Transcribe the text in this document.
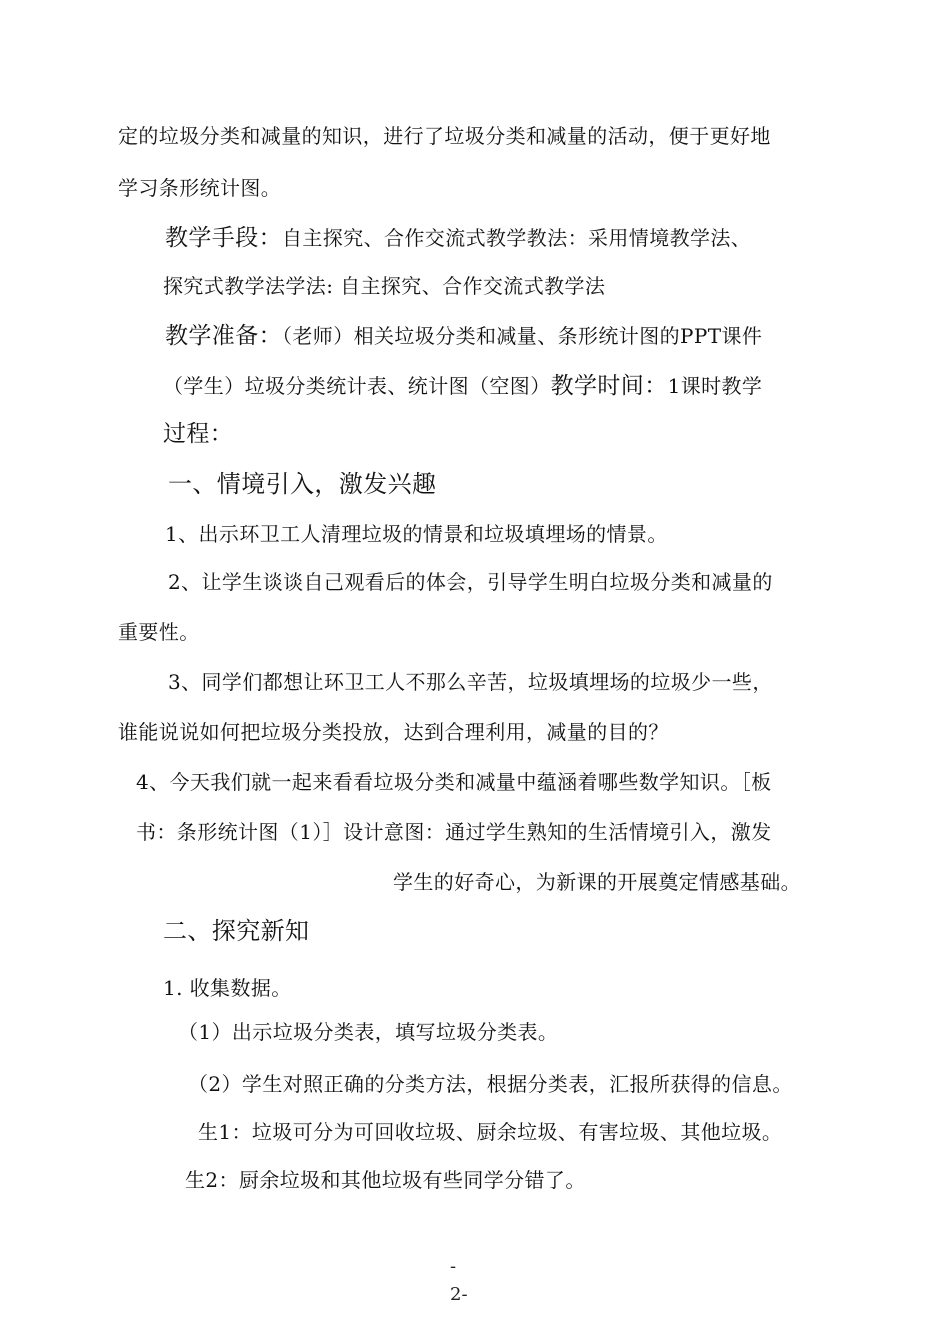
定的垃圾分类和减量的知识，进行了垃圾分类和减量的活动，便于更好地
学习条形统计图。
教学手段：自主探究、合作交流式教学教法：采用情境教学法、
探究式教学法学法: 自主探究、合作交流式教学法
教学准备：（老师）相关垃圾分类和减量、条形统计图的PPT课件
（学生）垃圾分类统计表、统计图（空图）教学时间：1课时教学
过程：
一、情境引入，激发兴趣
1、出示环卫工人清理垃圾的情景和垃圾填埋场的情景。
2、让学生谈谈自己观看后的体会，引导学生明白垃圾分类和减量的
重要性。
3、同学们都想让环卫工人不那么辛苦，垃圾填埋场的垃圾少一些，
谁能说说如何把垃圾分类投放，达到合理利用，减量的目的？
4、今天我们就一起来看看垃圾分类和减量中蕴涵着哪些数学知识。［板
书：条形统计图（1）］设计意图：通过学生熟知的生活情境引入，激发
学生的好奇心，为新课的开展奠定情感基础。
二、探究新知
1. 收集数据。
（1）出示垃圾分类表，填写垃圾分类表。
（2）学生对照正确的分类方法，根据分类表，汇报所获得的信息。
生1：垃圾可分为可回收垃圾、厨余垃圾、有害垃圾、其他垃圾。
生2：厨余垃圾和其他垃圾有些同学分错了。
-
2-
